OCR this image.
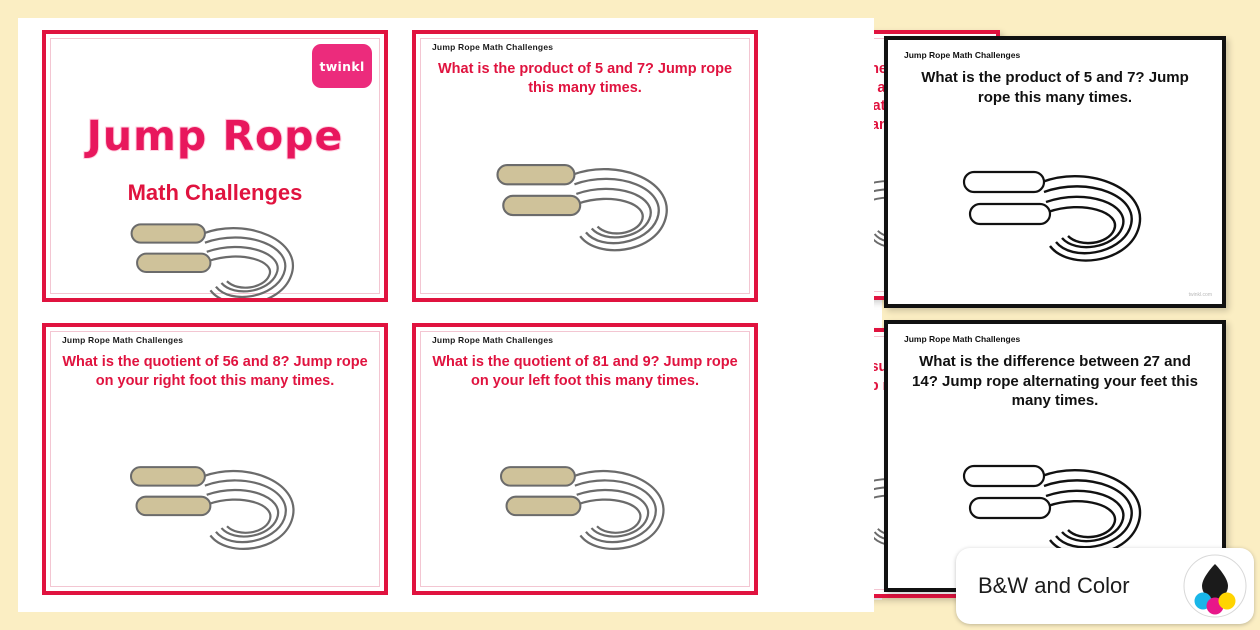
the many
twinkl
Jump Rope
Math Challenges
Jump Rope Math Challenges
What is the product of 5 and 7? Jump rope this many times.
Jump Rope Math Challenges
What is the quotient of 56 and 8? Jump rope on your right foot this many times.
Jump Rope Math Challenges
What is the quotient of 81 and 9? Jump rope on your left foot this many times.
Jump Rope Math Challenges
What is the product of 5 and 7? Jump rope this many times.
twinkl.com
Jump Rope Math Challenges
What is the difference between 27 and 14? Jump rope alternating your feet this many times.
B&W and Color
